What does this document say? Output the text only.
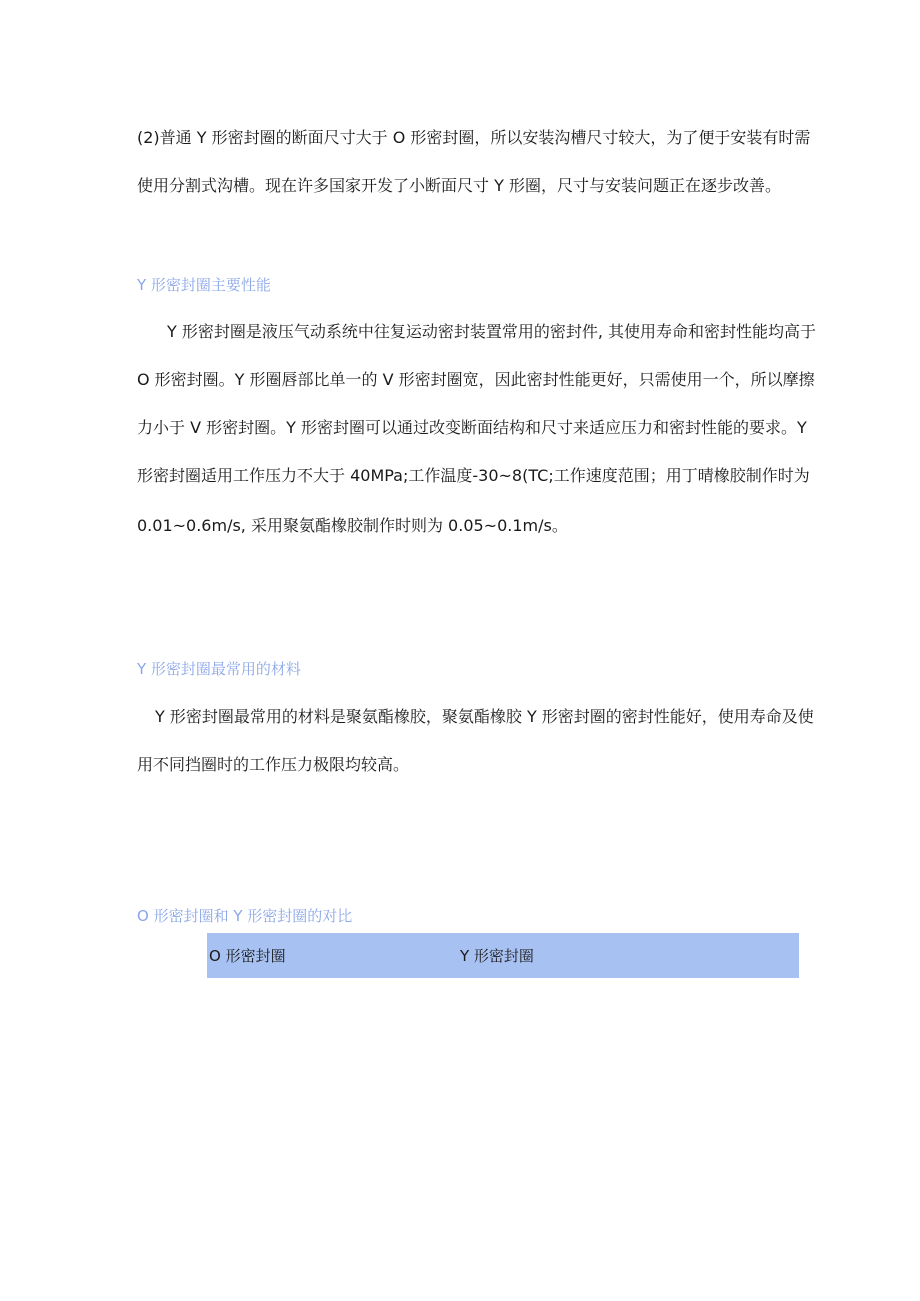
(2)普通 Y 形密封圈的断面尺寸大于 O 形密封圈，所以安装沟槽尺寸较大，为了便于安装有时需
使用分割式沟槽。现在许多国家开发了小断面尺寸 Y 形圈，尺寸与安装问题正在逐步改善。
Y 形密封圈主要性能
Y 形密封圈是液压气动系统中往复运动密封装置常用的密封件, 其使用寿命和密封性能均高于
O 形密封圈。Y 形圈唇部比单一的 V 形密封圈宽，因此密封性能更好，只需使用一个，所以摩擦
力小于 V 形密封圈。Y 形密封圈可以通过改变断面结构和尺寸来适应压力和密封性能的要求。Y
形密封圈适用工作压力不大于 40MPa;工作温度-30~8(TC;工作速度范围；用丁晴橡胶制作时为
0.01~0.6m/s, 采用聚氨酯橡胶制作时则为 0.05~0.1m/s。
Y 形密封圈最常用的材料
Y 形密封圈最常用的材料是聚氨酯橡胶，聚氨酯橡胶 Y 形密封圈的密封性能好，使用寿命及使
用不同挡圈时的工作压力极限均较高。
O 形密封圈和 Y 形密封圈的对比
O 形密封圈	Y 形密封圈
